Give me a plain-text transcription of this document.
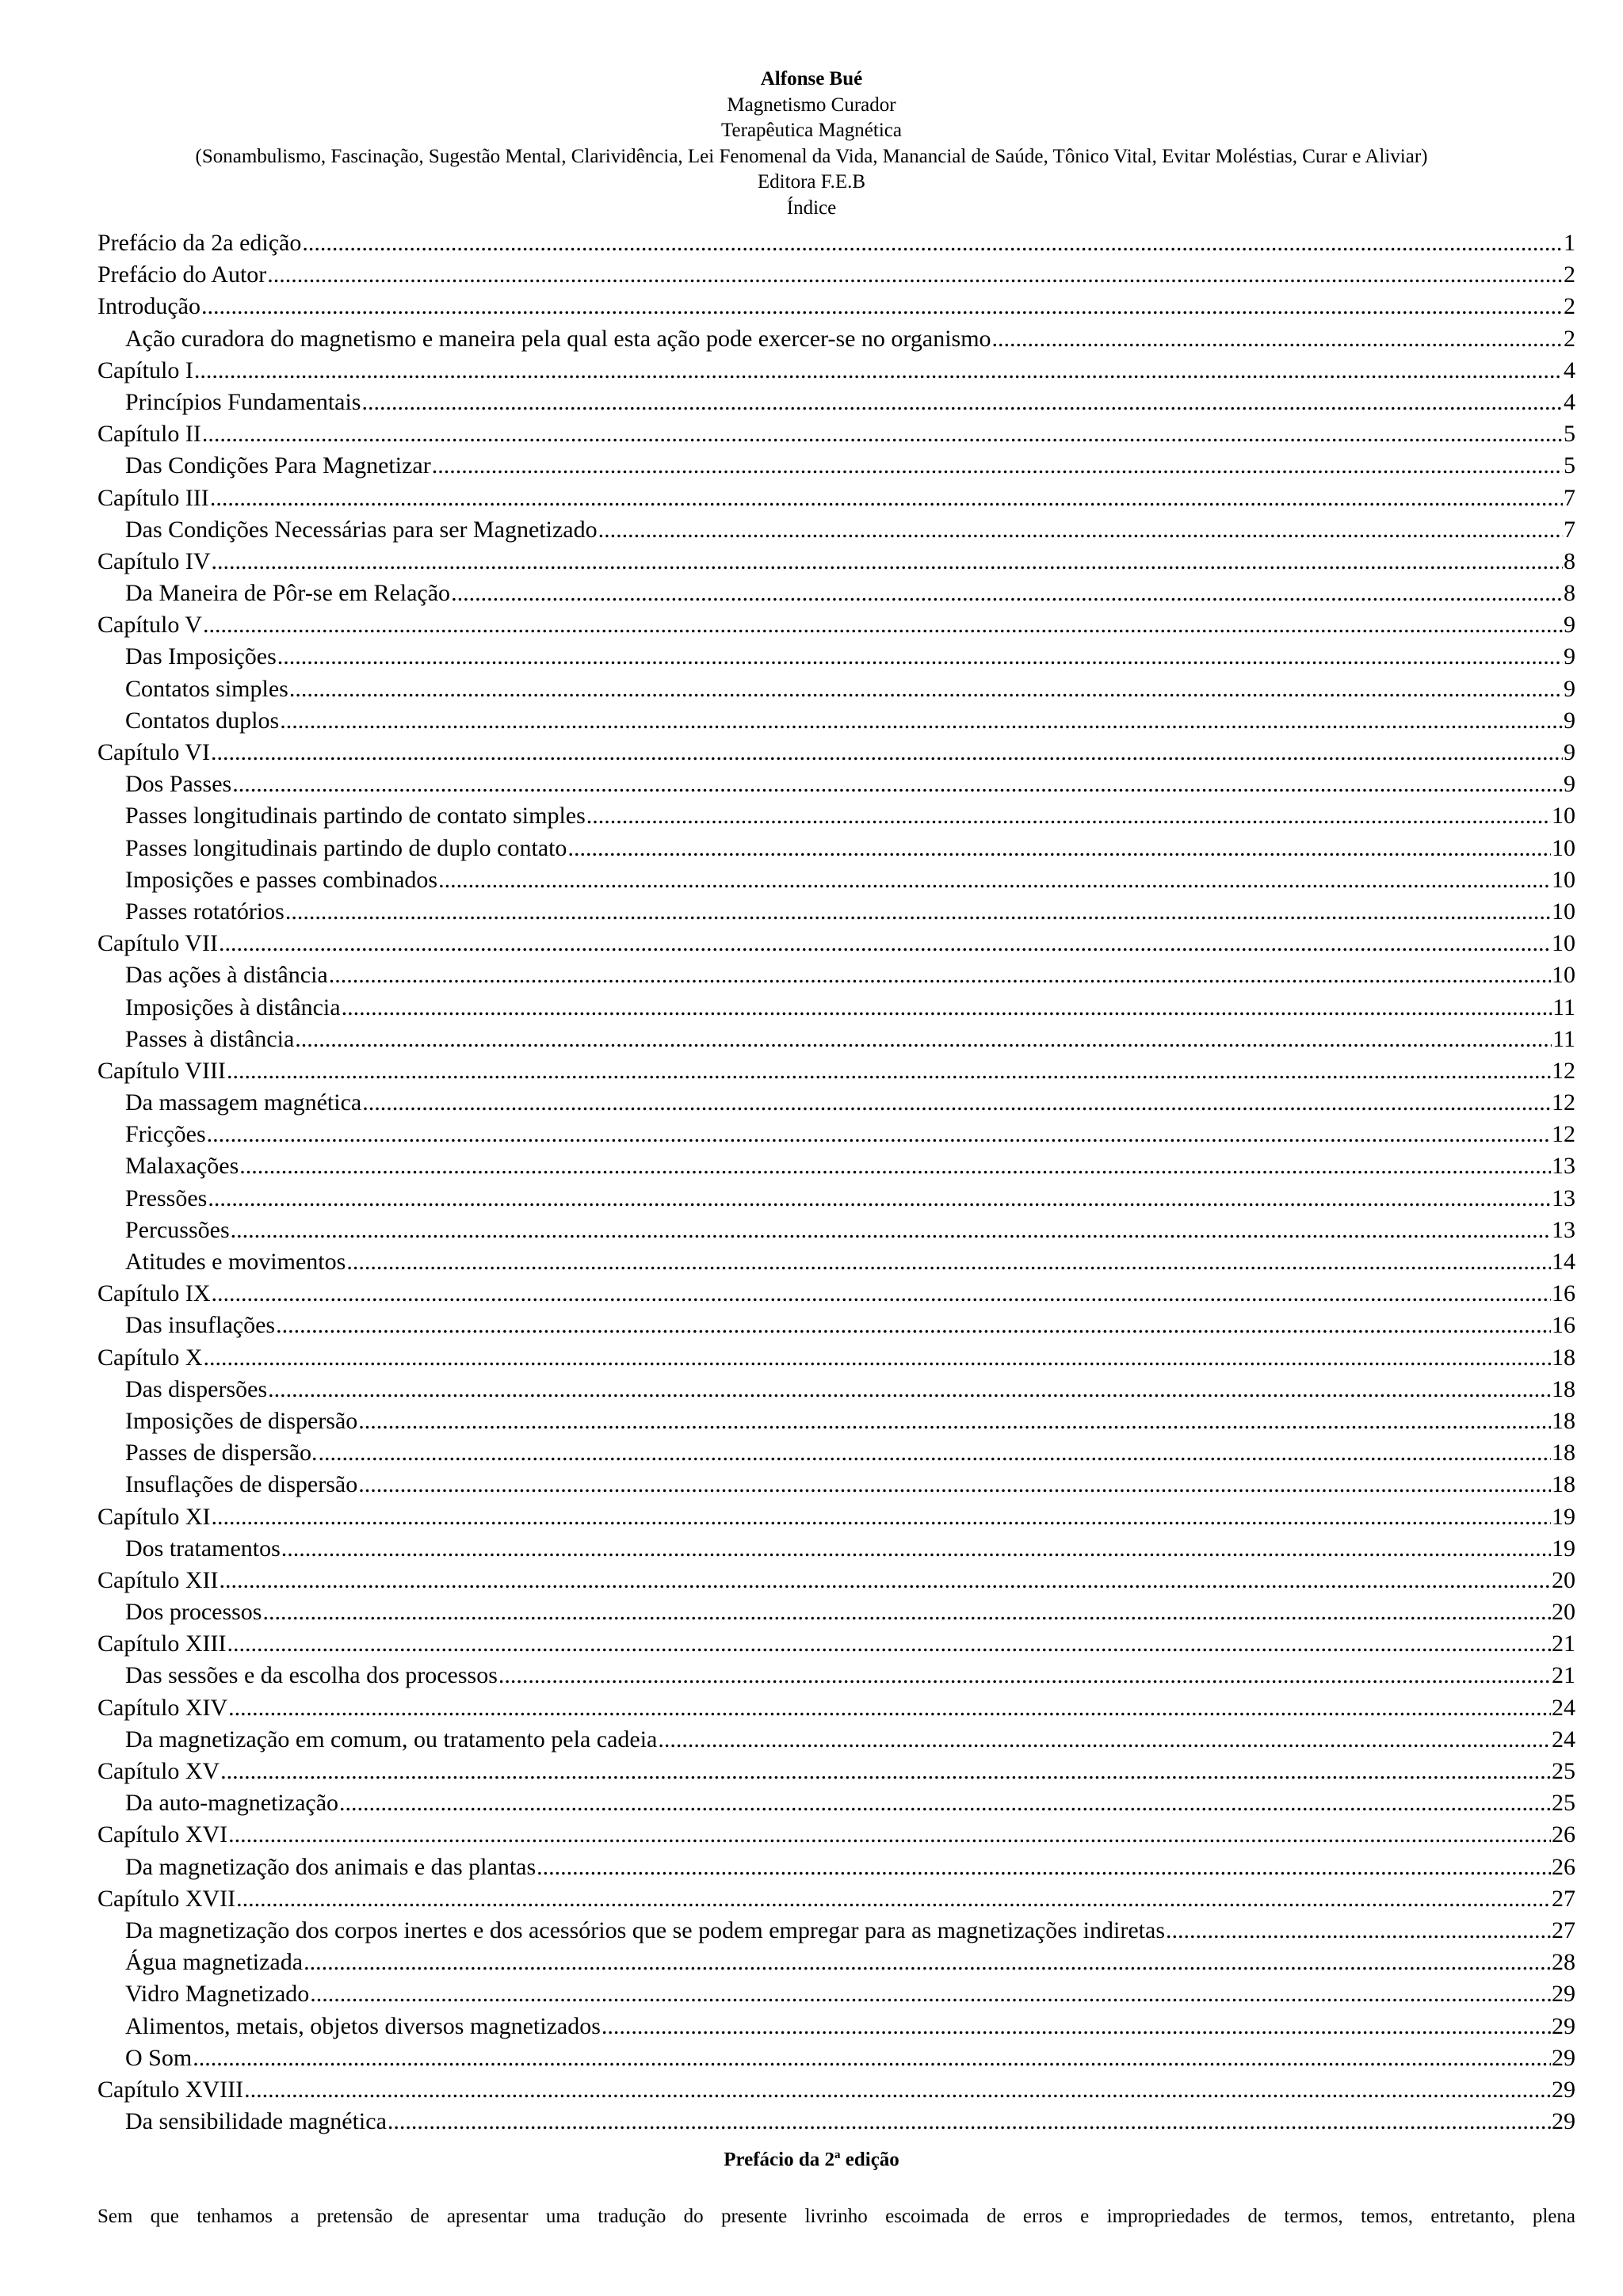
Alfonse Bué
Magnetismo Curador
Terapêutica Magnética
(Sonambulismo, Fascinação, Sugestão Mental, Clarividência, Lei Fenomenal da Vida, Manancial de Saúde, Tônico Vital, Evitar Moléstias, Curar e Aliviar)
Editora F.E.B
Índice
Prefácio da 2a edição .....	1
Prefácio do Autor .....	2
Introdução .....	2
Ação curadora do magnetismo e maneira pela qual esta ação pode exercer-se no organismo .....	2
Capítulo I .....	4
Princípios Fundamentais .....	4
Capítulo II .....	5
Das Condições Para Magnetizar .....	5
Capítulo III .....	7
Das Condições Necessárias para ser Magnetizado .....	7
Capítulo IV .....	8
Da Maneira de Pôr-se em Relação .....	8
Capítulo V .....	9
Das Imposições .....	9
Contatos simples .....	9
Contatos duplos .....	9
Capítulo VI .....	9
Dos Passes .....	9
Passes longitudinais partindo de contato simples .....	10
Passes longitudinais partindo de duplo contato .....	10
Imposições e passes combinados .....	10
Passes rotatórios .....	10
Capítulo VII .....	10
Das ações à distância .....	10
Imposições à distância .....	11
Passes à distância .....	11
Capítulo VIII .....	12
Da massagem magnética .....	12
Fricções .....	12
Malaxações .....	13
Pressões .....	13
Percussões .....	13
Atitudes e movimentos .....	14
Capítulo IX .....	16
Das insuflações .....	16
Capítulo X .....	18
Das dispersões .....	18
Imposições de dispersão .....	18
Passes de dispersão. .....	18
Insuflações de dispersão .....	18
Capítulo XI .....	19
Dos tratamentos .....	19
Capítulo XII .....	20
Dos processos .....	20
Capítulo XIII .....	21
Das sessões e da escolha dos processos .....	21
Capítulo XIV .....	24
Da magnetização em comum, ou tratamento pela cadeia .....	24
Capítulo XV .....	25
Da auto-magnetização .....	25
Capítulo XVI .....	26
Da magnetização dos animais e das plantas .....	26
Capítulo XVII .....	27
Da magnetização dos corpos inertes e dos acessórios que se podem empregar para as magnetizações indiretas .....	27
Água magnetizada .....	28
Vidro Magnetizado .....	29
Alimentos, metais, objetos diversos magnetizados .....	29
O Som .....	29
Capítulo XVIII .....	29
Da sensibilidade magnética .....	29
Prefácio da 2$^a$ edição
Sem que tenhamos a pretensão de apresentar uma tradução do presente livrinho escoimada de erros e impropriedades de termos, temos, entretanto, plena
